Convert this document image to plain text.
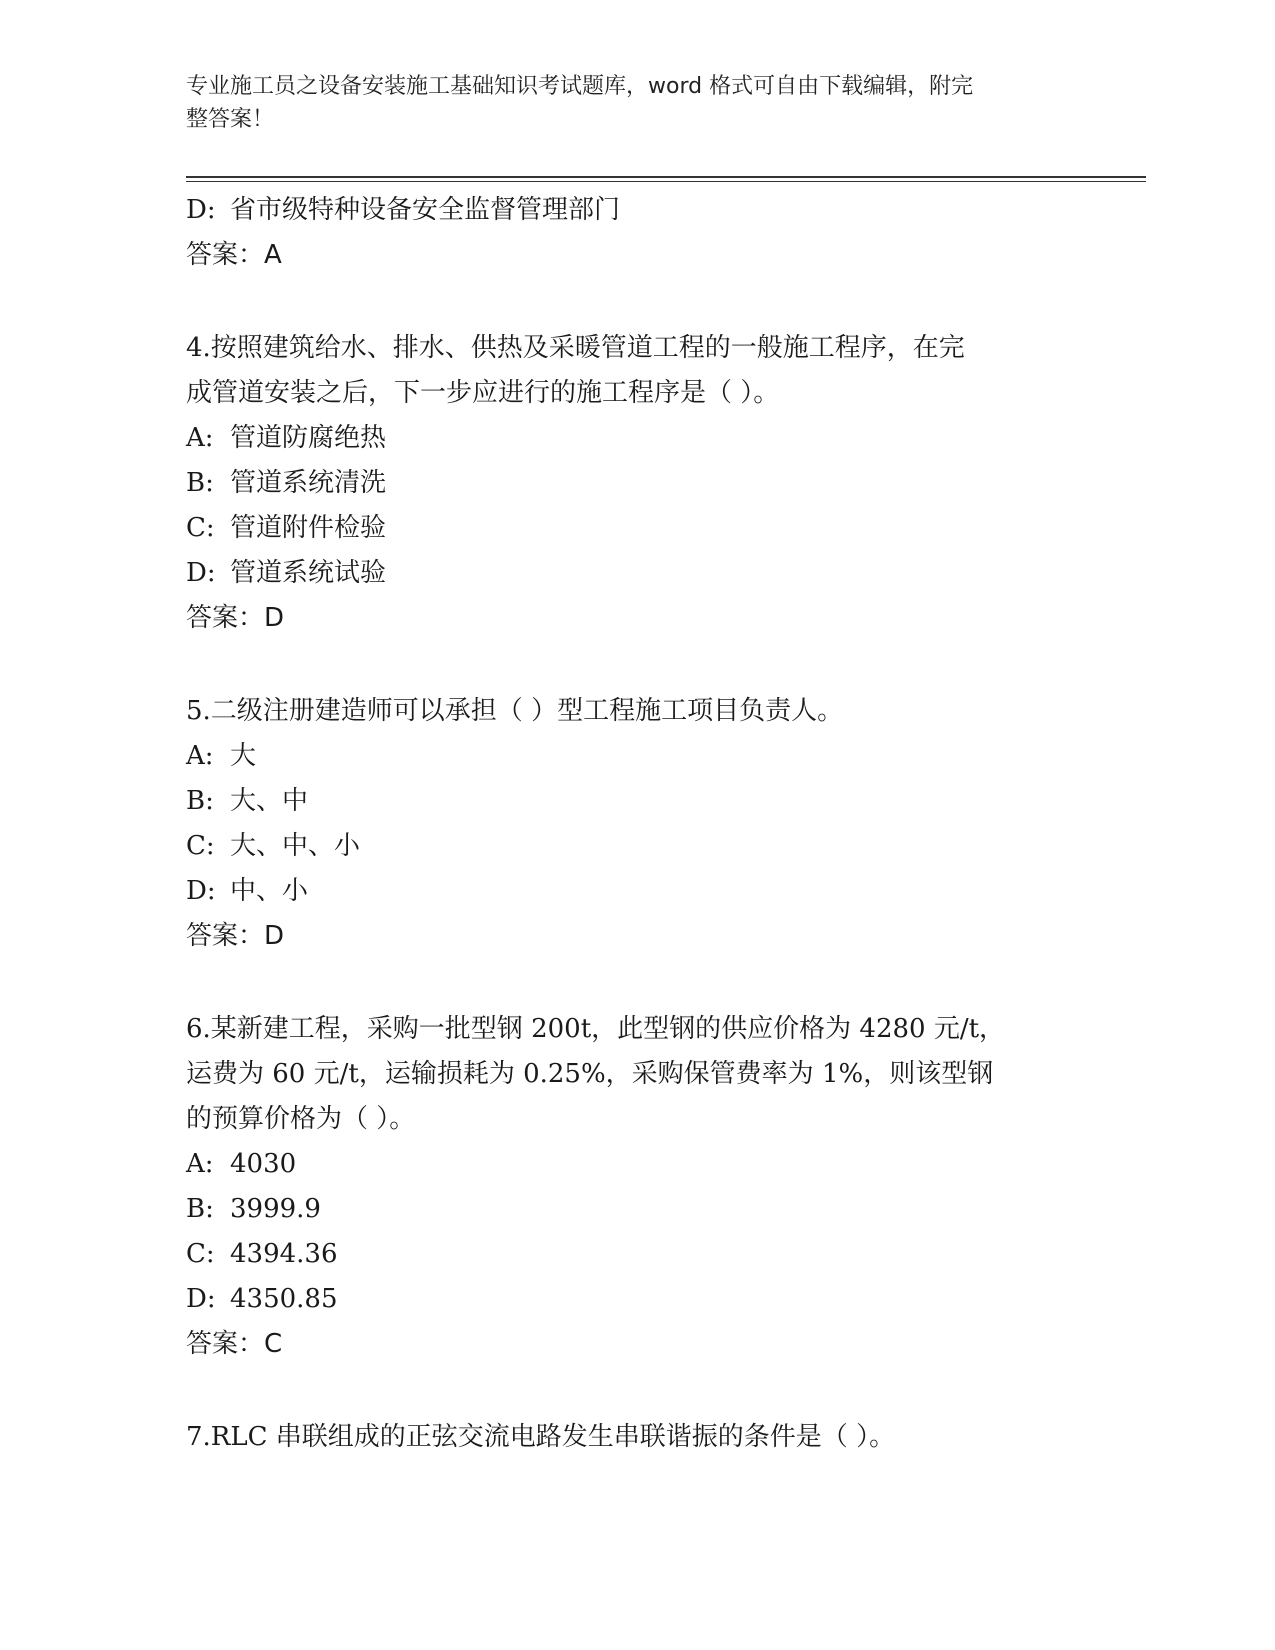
专业施工员之设备安装施工基础知识考试题库，word 格式可自由下载编辑，附完
整答案！
D: 省市级特种设备安全监督管理部门
答案：A
4.按照建筑给水、排水、供热及采暖管道工程的一般施工程序，在完
成管道安装之后，下一步应进行的施工程序是（ ）。
A: 管道防腐绝热
B: 管道系统清洗
C: 管道附件检验
D: 管道系统试验
答案：D
5.二级注册建造师可以承担（ ）型工程施工项目负责人。
A: 大
B: 大、中
C: 大、中、小
D: 中、小
答案：D
6.某新建工程，采购一批型钢 200t，此型钢的供应价格为 4280 元/t，
运费为 60 元/t，运输损耗为 0.25%，采购保管费率为 1%，则该型钢
的预算价格为（ ）。
A: 4030
B: 3999.9
C: 4394.36
D: 4350.85
答案：C
7.RLC 串联组成的正弦交流电路发生串联谐振的条件是（ ）。
